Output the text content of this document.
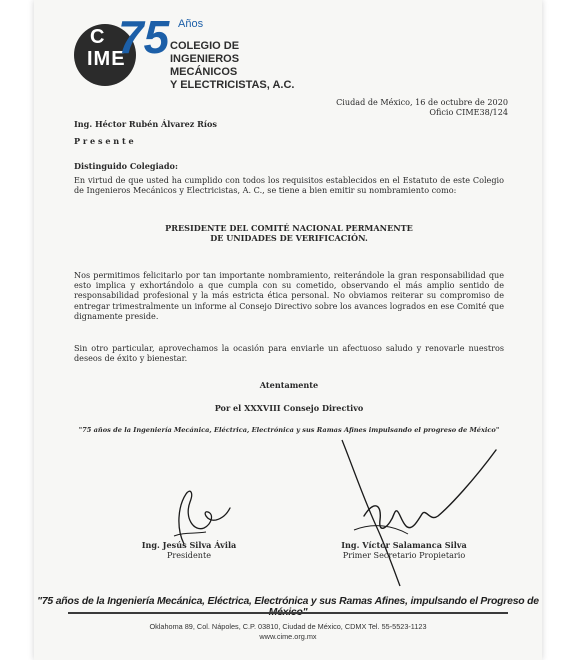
C
IME
75 Años
COLEGIO DE
INGENIEROS MECÁNICOS
Y ELECTRICISTAS, A.C.
Ciudad de México, 16 de octubre de 2020
Oficio CIME38/124
Ing. Héctor Rubén Álvarez Ríos
P r e s e n t e
Distinguido Colegiado:
En virtud de que usted ha cumplido con todos los requisitos establecidos en el Estatuto de este Colegio de Ingenieros Mecánicos y Electricistas, A. C., se tiene a bien emitir su nombramiento como:
PRESIDENTE DEL COMITÉ NACIONAL PERMANENTE
DE UNIDADES DE VERIFICACIÓN.
Nos permitimos felicitarlo por tan importante nombramiento, reiterándole la gran responsabilidad que esto implica y exhortándolo a que cumpla con su cometido, observando el más amplio sentido de responsabilidad profesional y la más estricta ética personal. No obviamos reiterar su compromiso de entregar trimestralmente un informe al Consejo Directivo sobre los avances logrados en ese Comité que dignamente preside.
Sin otro particular, aprovechamos la ocasión para enviarle un afectuoso saludo y renovarle nuestros deseos de éxito y bienestar.
Atentamente
Por el XXXVIII Consejo Directivo
"75 años de la Ingeniería Mecánica, Eléctrica, Electrónica y sus Ramas Afines impulsando el progreso de México"
Ing. Jesús Silva Ávila
Presidente
Ing. Víctor Salamanca Silva
Primer Secretario Propietario
"75 años de la Ingeniería Mecánica, Eléctrica, Electrónica y sus Ramas Afines, impulsando el Progreso de
Oklahoma 89, Col. Nápoles, C.P. 03810, Ciudad de México, CDMX Tel. 55-5523-1123
www.cime.org.mx
